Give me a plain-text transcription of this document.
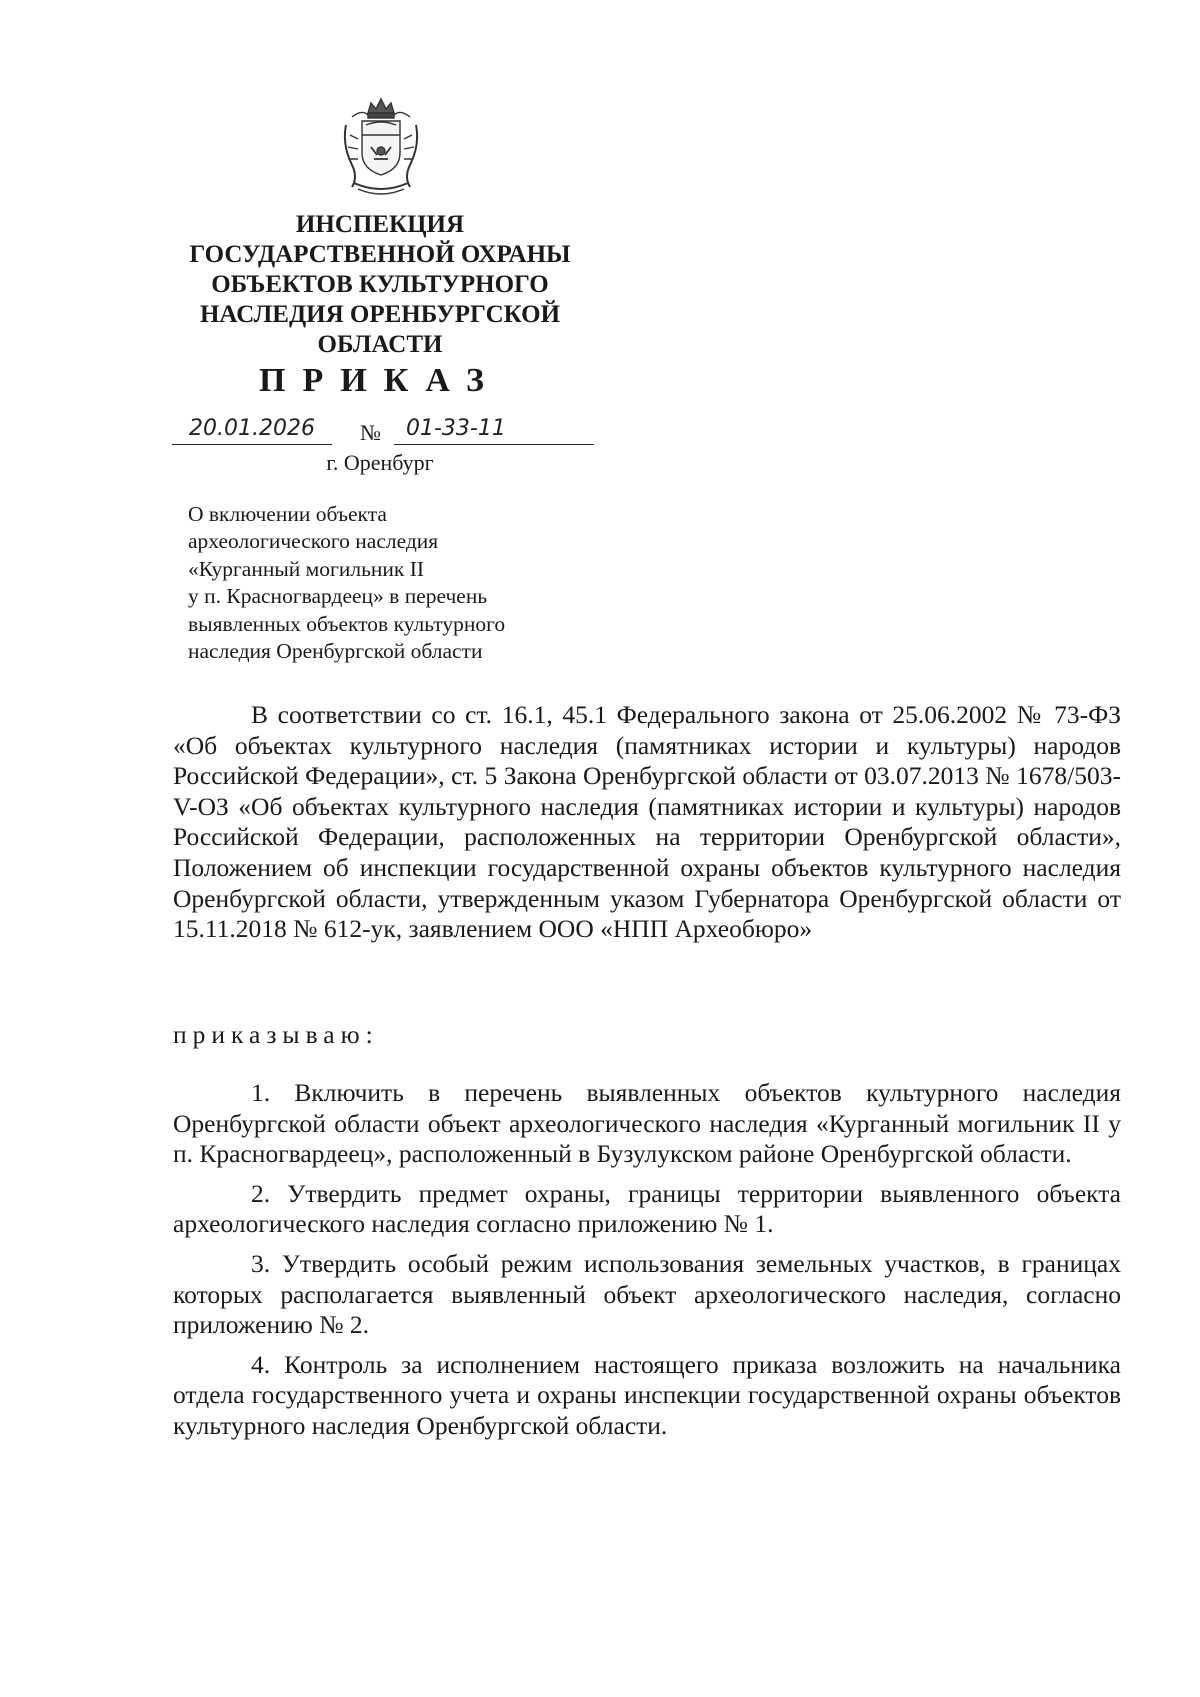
ИНСПЕКЦИЯ
ГОСУДАРСТВЕННОЙ ОХРАНЫ
ОБЪЕКТОВ КУЛЬТУРНОГО
НАСЛЕДИЯ ОРЕНБУРГСКОЙ
ОБЛАСТИ
ПРИКАЗ
20.01.2026	№	01-33-11
г. Оренбург
О включении объекта
археологического наследия
«Курганный могильник II
у п. Красногвардеец» в перечень
выявленных объектов культурного
наследия Оренбургской области
В соответствии со ст. 16.1, 45.1 Федерального закона от 25.06.2002 № 73-ФЗ «Об объектах культурного наследия (памятниках истории и культуры) народов Российской Федерации», ст. 5 Закона Оренбургской области от 03.07.2013 № 1678/503-V-ОЗ «Об объектах культурного наследия (памятниках истории и культуры) народов Российской Федерации, расположенных на территории Оренбургской области», Положением об инспекции государственной охраны объектов культурного наследия Оренбургской области, утвержденным указом Губернатора Оренбургской области от 15.11.2018 № 612-ук, заявлением ООО «НПП Археобюро»
приказываю:

1. Включить в перечень выявленных объектов культурного наследия Оренбургской области объект археологического наследия «Курганный могильник II у п. Красногвардеец», расположенный в Бузулукском районе Оренбургской области.

2. Утвердить предмет охраны, границы территории выявленного объекта археологического наследия согласно приложению № 1.

3. Утвердить особый режим использования земельных участков, в границах которых располагается выявленный объект археологического наследия, согласно приложению № 2.

4. Контроль за исполнением настоящего приказа возложить на начальника отдела государственного учета и охраны инспекции государственной охраны объектов культурного наследия Оренбургской области.
